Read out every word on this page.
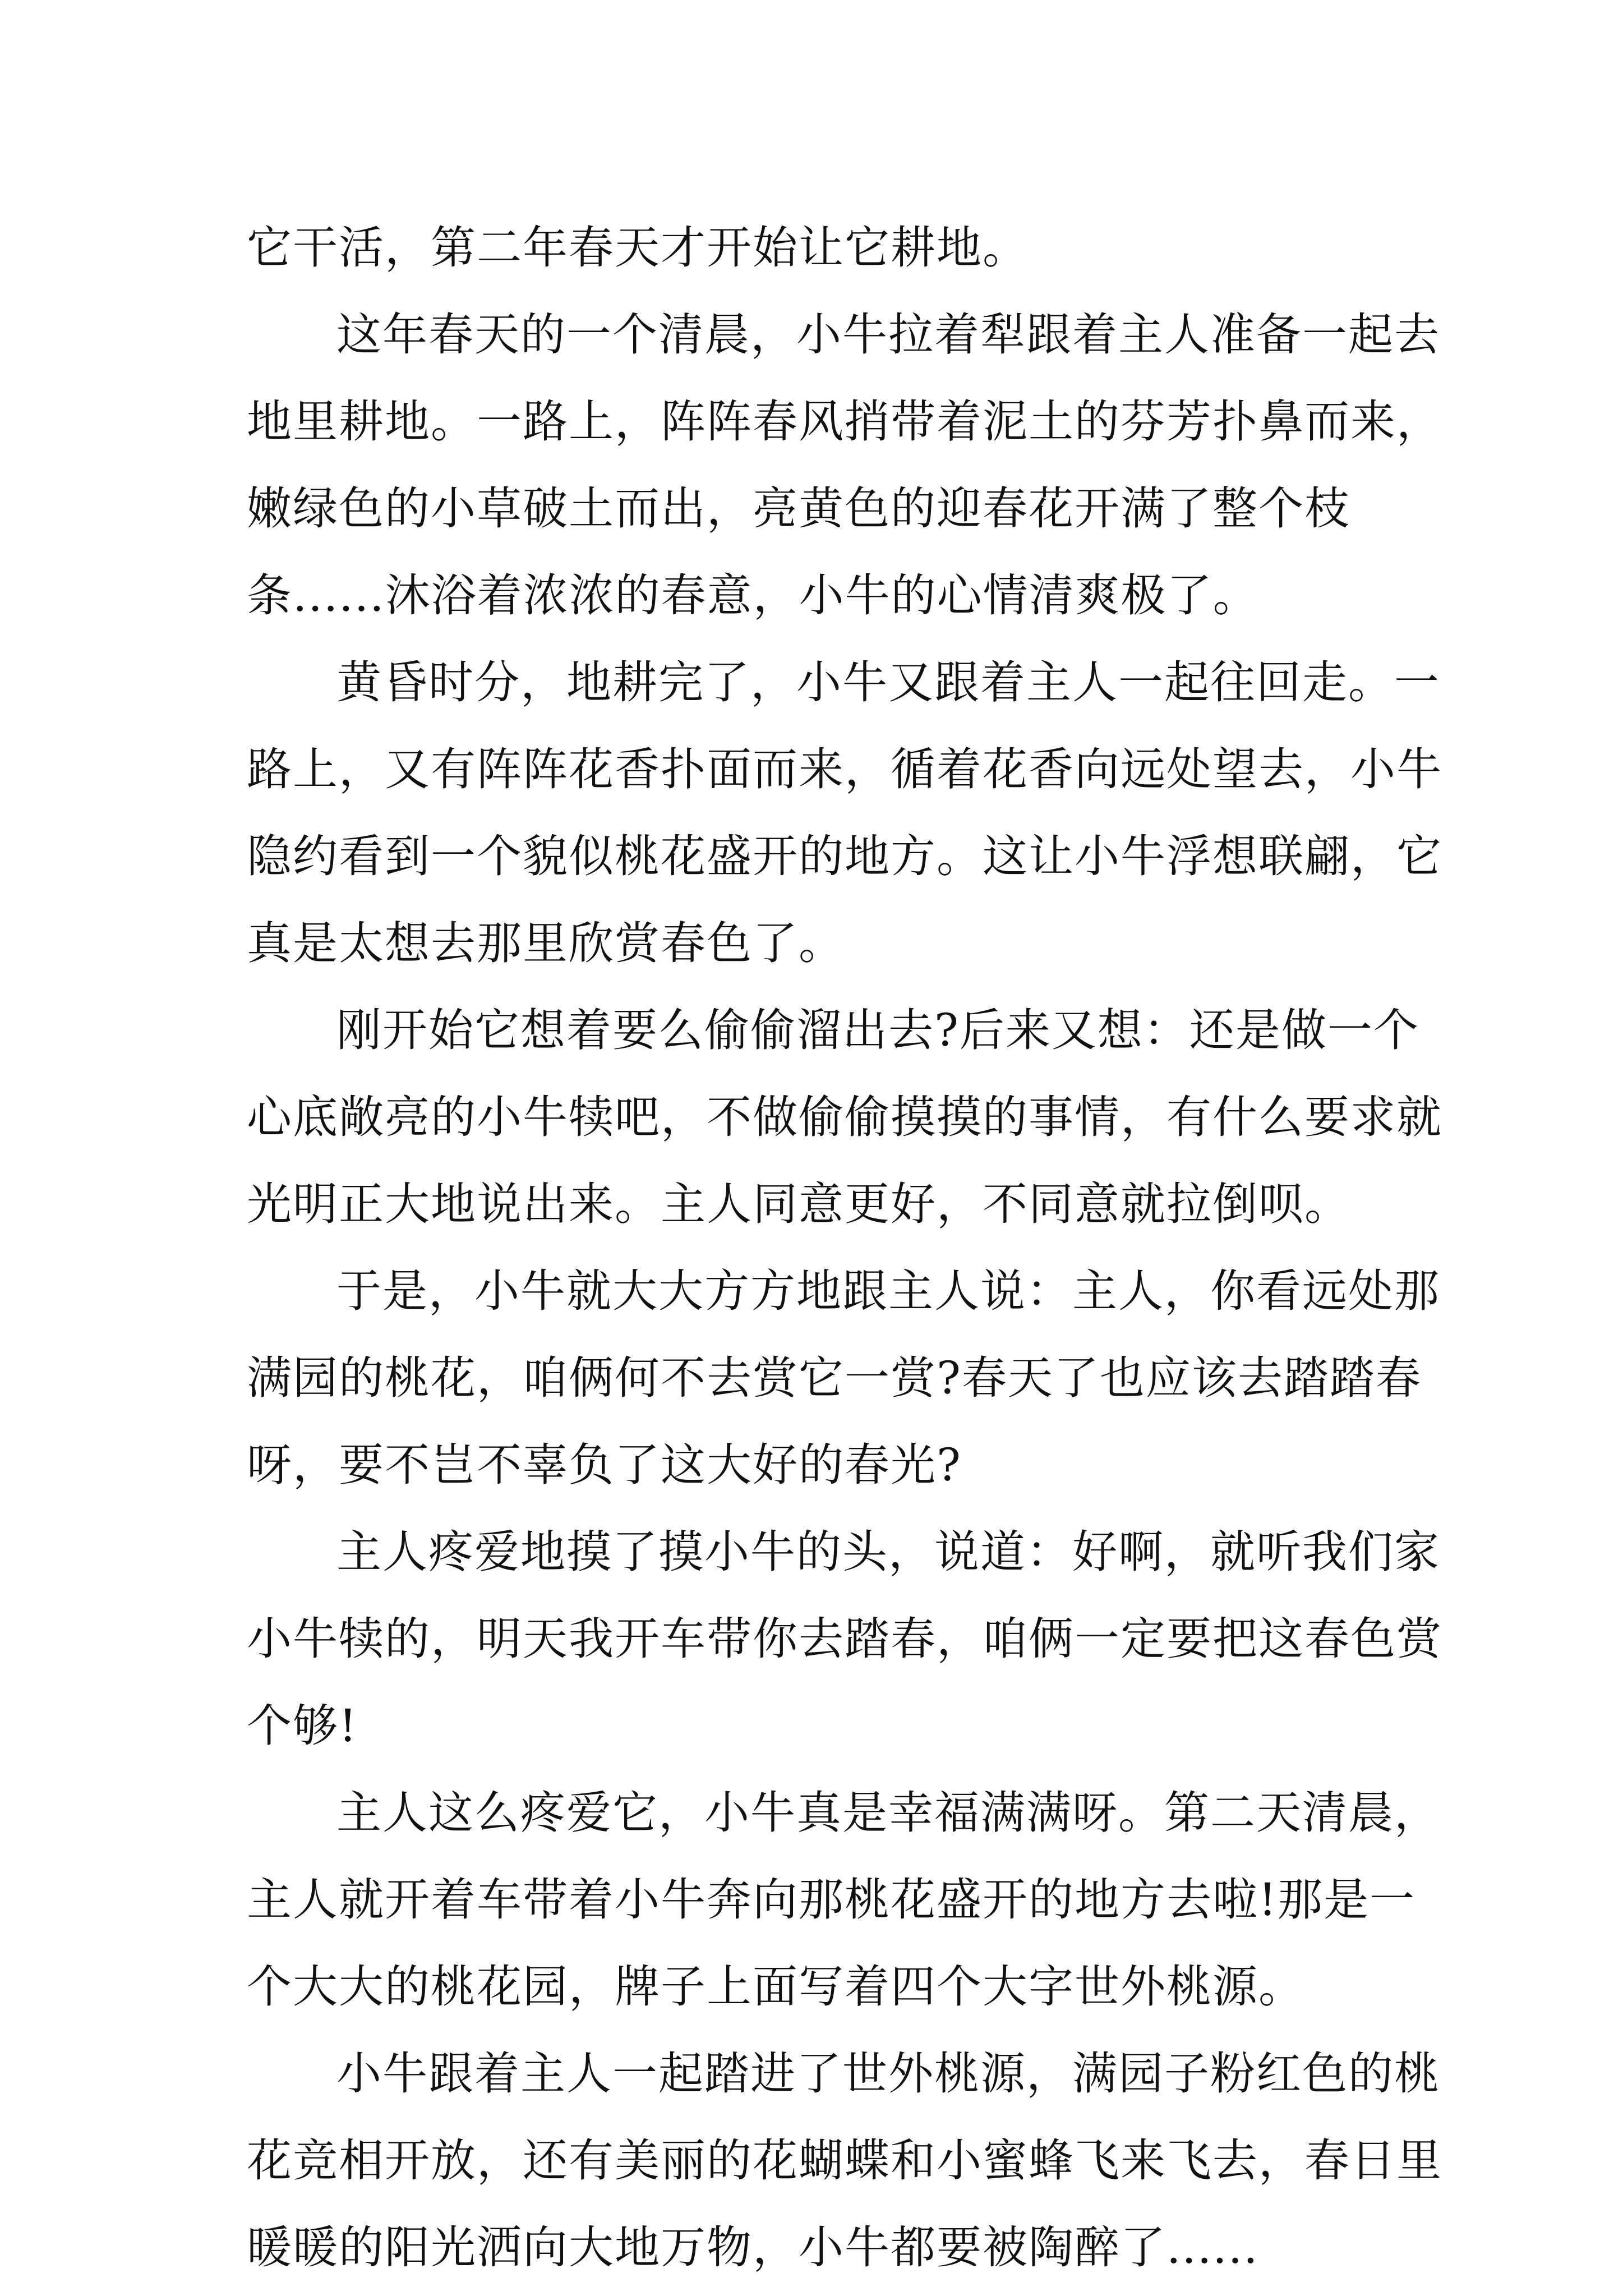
它干活，第二年春天才开始让它耕地。
这年春天的一个清晨，小牛拉着犁跟着主人准备一起去
地里耕地。一路上，阵阵春风捎带着泥土的芬芳扑鼻而来，
嫩绿色的小草破土而出，亮黄色的迎春花开满了整个枝
条......沐浴着浓浓的春意，小牛的心情清爽极了。
黄昏时分，地耕完了，小牛又跟着主人一起往回走。一
路上，又有阵阵花香扑面而来，循着花香向远处望去，小牛
隐约看到一个貌似桃花盛开的地方。这让小牛浮想联翩，它
真是太想去那里欣赏春色了。
刚开始它想着要么偷偷溜出去?后来又想：还是做一个
心底敞亮的小牛犊吧，不做偷偷摸摸的事情，有什么要求就
光明正大地说出来。主人同意更好，不同意就拉倒呗。
于是，小牛就大大方方地跟主人说：主人，你看远处那
满园的桃花，咱俩何不去赏它一赏?春天了也应该去踏踏春
呀，要不岂不辜负了这大好的春光?
主人疼爱地摸了摸小牛的头，说道：好啊，就听我们家
小牛犊的，明天我开车带你去踏春，咱俩一定要把这春色赏
个够!
主人这么疼爱它，小牛真是幸福满满呀。第二天清晨，
主人就开着车带着小牛奔向那桃花盛开的地方去啦!那是一
个大大的桃花园，牌子上面写着四个大字世外桃源。
小牛跟着主人一起踏进了世外桃源，满园子粉红色的桃
花竞相开放，还有美丽的花蝴蝶和小蜜蜂飞来飞去，春日里
暖暖的阳光洒向大地万物，小牛都要被陶醉了......
